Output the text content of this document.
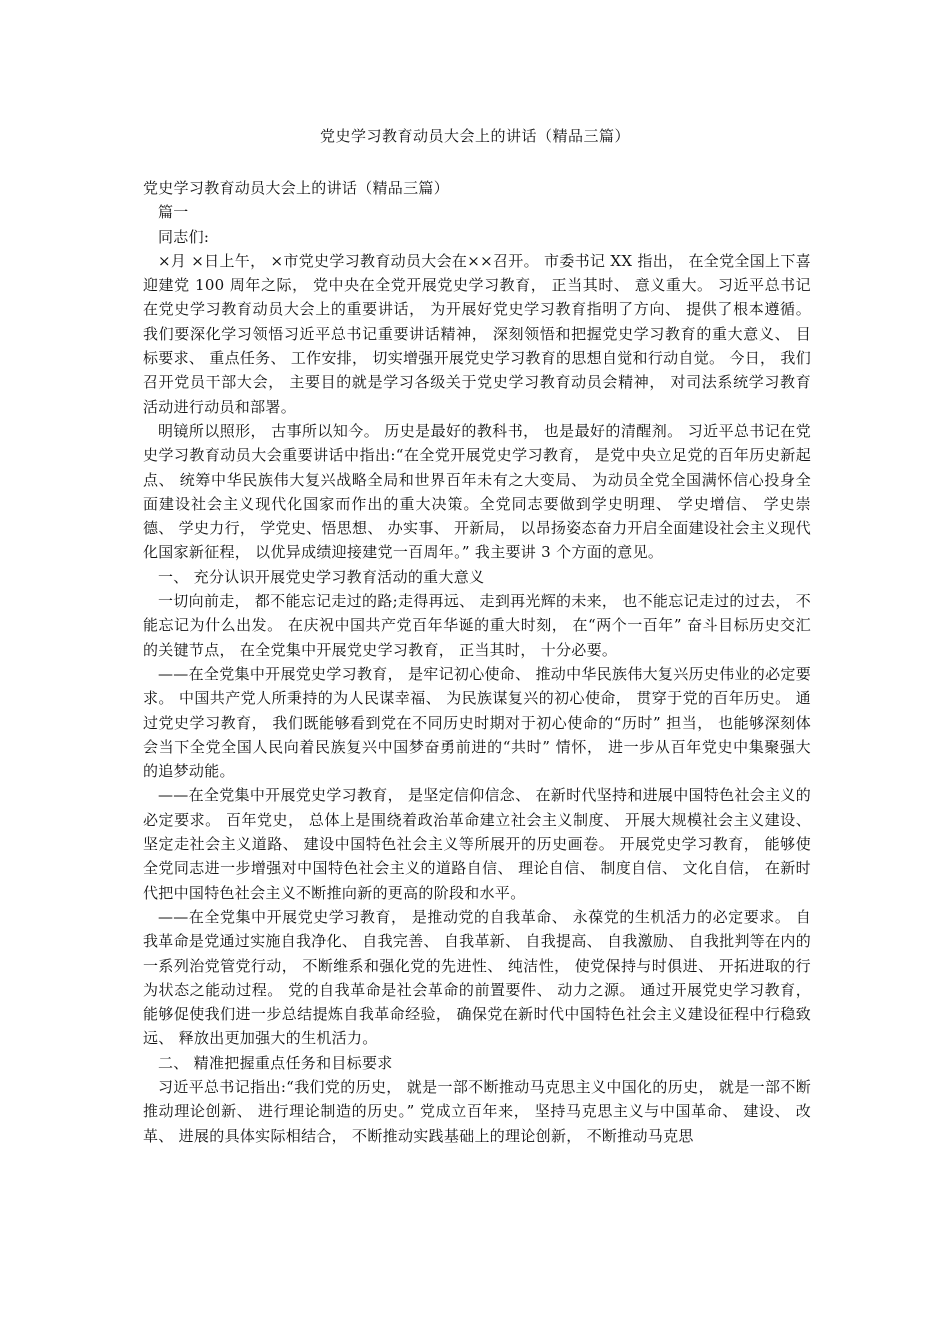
党史学习教育动员大会上的讲话（精品三篇）

党史学习教育动员大会上的讲话（精品三篇）

篇一

同志们:

×月 ×日上午， ×市党史学习教育动员大会在××召开。 市委书记 XX 指出， 在全党全国上下喜迎建党 100 周年之际， 党中央在全党开展党史学习教育， 正当其时、 意义重大。 习近平总书记在党史学习教育动员大会上的重要讲话， 为开展好党史学习教育指明了方向、 提供了根本遵循。 我们要深化学习领悟习近平总书记重要讲话精神， 深刻领悟和把握党史学习教育的重大意义、 目标要求、 重点任务、 工作安排， 切实增强开展党史学习教育的思想自觉和行动自觉。 今日， 我们召开党员干部大会， 主要目的就是学习各级关于党史学习教育动员会精神， 对司法系统学习教育活动进行动员和部署。

明镜所以照形， 古事所以知今。 历史是最好的教科书， 也是最好的清醒剂。 习近平总书记在党史学习教育动员大会重要讲话中指出:“在全党开展党史学习教育， 是党中央立足党的百年历史新起点、 统筹中华民族伟大复兴战略全局和世界百年未有之大变局、 为动员全党全国满怀信心投身全面建设社会主义现代化国家而作出的重大决策。全党同志要做到学史明理、 学史增信、 学史崇德、 学史力行， 学党史、悟思想、 办实事、 开新局， 以昂扬姿态奋力开启全面建设社会主义现代化国家新征程， 以优异成绩迎接建党一百周年。” 我主要讲 3 个方面的意见。

一、 充分认识开展党史学习教育活动的重大意义

一切向前走， 都不能忘记走过的路;走得再远、 走到再光辉的未来， 也不能忘记走过的过去， 不能忘记为什么出发。 在庆祝中国共产党百年华诞的重大时刻， 在“两个一百年” 奋斗目标历史交汇的关键节点， 在全党集中开展党史学习教育， 正当其时， 十分必要。

——在全党集中开展党史学习教育， 是牢记初心使命、 推动中华民族伟大复兴历史伟业的必定要求。 中国共产党人所秉持的为人民谋幸福、 为民族谋复兴的初心使命， 贯穿于党的百年历史。 通过党史学习教育， 我们既能够看到党在不同历史时期对于初心使命的“历时” 担当， 也能够深刻体会当下全党全国人民向着民族复兴中国梦奋勇前进的“共时” 情怀， 进一步从百年党史中集聚强大的追梦动能。

——在全党集中开展党史学习教育， 是坚定信仰信念、 在新时代坚持和进展中国特色社会主义的必定要求。 百年党史， 总体上是围绕着政治革命建立社会主义制度、 开展大规模社会主义建设、 坚定走社会主义道路、 建设中国特色社会主义等所展开的历史画卷。 开展党史学习教育， 能够使全党同志进一步增强对中国特色社会主义的道路自信、 理论自信、 制度自信、 文化自信， 在新时代把中国特色社会主义不断推向新的更高的阶段和水平。

——在全党集中开展党史学习教育， 是推动党的自我革命、 永葆党的生机活力的必定要求。 自我革命是党通过实施自我净化、 自我完善、 自我革新、 自我提高、 自我激励、 自我批判等在内的一系列治党管党行动， 不断维系和强化党的先进性、 纯洁性， 使党保持与时俱进、 开拓进取的行为状态之能动过程。 党的自我革命是社会革命的前置要件、 动力之源。 通过开展党史学习教育， 能够促使我们进一步总结提炼自我革命经验， 确保党在新时代中国特色社会主义建设征程中行稳致远、 释放出更加强大的生机活力。

二、 精准把握重点任务和目标要求

习近平总书记指出:“我们党的历史， 就是一部不断推动马克思主义中国化的历史， 就是一部不断推动理论创新、 进行理论制造的历史。” 党成立百年来， 坚持马克思主义与中国革命、 建设、 改革、 进展的具体实际相结合， 不断推动实践基础上的理论创新， 不断推动马克思
